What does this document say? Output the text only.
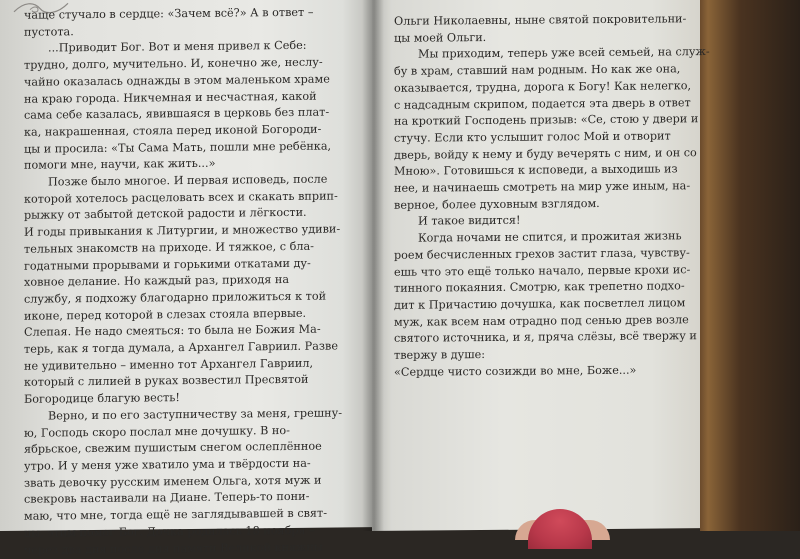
чаще стучало в сердце: «Зачем всё?» А в ответ –

пустота.

...Приводит Бог. Вот и меня привел к Себе:

трудно, долго, мучительно. И, конечно же, неслу-

чайно оказалась однажды в этом маленьком храме

на краю города. Никчемная и несчастная, какой

сама себе казалась, явившаяся в церковь без плат-

ка, накрашенная, стояла перед иконой Богороди-

цы и просила: «Ты Сама Мать, пошли мне ребёнка,

помоги мне, научи, как жить...»

Позже было многое. И первая исповедь, после

которой хотелось расцеловать всех и скакать вприп-

рыжку от забытой детской радости и лёгкости.

И годы привыкания к Литургии, и множество удиви-

тельных знакомств на приходе. И тяжкое, с бла-

годатными прорывами и горькими откатами ду-

ховное делание. Но каждый раз, приходя на

службу, я подхожу благодарно приложиться к той

иконе, перед которой в слезах стояла впервые.

Слепая. Не надо смеяться: то была не Божия Ма-

терь, как я тогда думала, а Архангел Гавриил. Разве

не удивительно – именно тот Архангел Гавриил,

который с лилией в руках возвестил Пресвятой

Богородице благую весть!

Верно, и по его заступничеству за меня, грешну-

ю, Господь скоро послал мне дочушку. В но-

ябрьское, свежим пушистым снегом ослеплённое

утро. И у меня уже хватило ума и твёрдости на-

звать девочку русским именем Ольга, хотя муж и

свекровь настаивали на Диане. Теперь-то пони-

маю, что мне, тогда ещё не заглядывавшей в свят-

цы, этим помог Бог. Дочка родилась 18 ноября –

через два дня после дня памяти Великой княжны

Ольги Николаевны, ныне святой покровительни-

цы моей Ольги.

Мы приходим, теперь уже всей семьей, на служ-

бу в храм, ставший нам родным. Но как же она,

оказывается, трудна, дорога к Богу! Как нелегко,

с надсадным скрипом, подается эта дверь в ответ

на кроткий Господень призыв: «Се, стою у двери и

стучу. Если кто услышит голос Мой и отворит

дверь, войду к нему и буду вечерять с ним, и он со

Мною». Готовишься к исповеди, а выходишь из

нее, и начинаешь смотреть на мир уже иным, на-

верное, более духовным взглядом.

И такое видится!

Когда ночами не спится, и прожитая жизнь

роем бесчисленных грехов застит глаза, чувству-

ешь что это ещё только начало, первые крохи ис-

тинного покаяния. Смотрю, как трепетно подхо-

дит к Причастию дочушка, как посветлел лицом

муж, как всем нам отрадно под сенью древ возле

святого источника, и я, пряча слёзы, всё твержу и

твержу в душе:

«Сердце чисто созижди во мне, Боже...»
